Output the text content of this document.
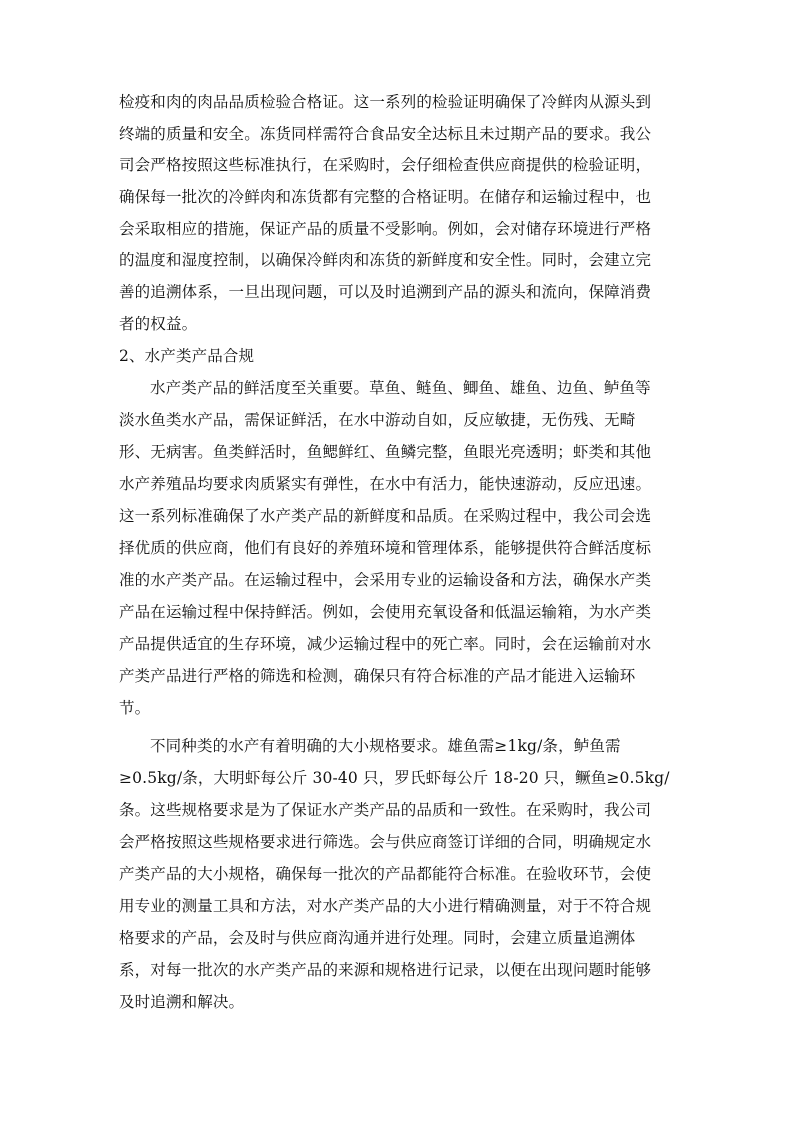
检疫和肉的肉品品质检验合格证。这一系列的检验证明确保了冷鲜肉从源头到
终端的质量和安全。冻货同样需符合食品安全达标且未过期产品的要求。我公
司会严格按照这些标准执行，在采购时，会仔细检查供应商提供的检验证明，
确保每一批次的冷鲜肉和冻货都有完整的合格证明。在储存和运输过程中，也
会采取相应的措施，保证产品的质量不受影响。例如，会对储存环境进行严格
的温度和湿度控制，以确保冷鲜肉和冻货的新鲜度和安全性。同时，会建立完
善的追溯体系，一旦出现问题，可以及时追溯到产品的源头和流向，保障消费
者的权益。
2、水产类产品合规
水产类产品的鲜活度至关重要。草鱼、鲢鱼、鲫鱼、雄鱼、边鱼、鲈鱼等
淡水鱼类水产品，需保证鲜活，在水中游动自如，反应敏捷，无伤残、无畸
形、无病害。鱼类鲜活时，鱼鳃鲜红、鱼鳞完整，鱼眼光亮透明；虾类和其他
水产养殖品均要求肉质紧实有弹性，在水中有活力，能快速游动，反应迅速。
这一系列标准确保了水产类产品的新鲜度和品质。在采购过程中，我公司会选
择优质的供应商，他们有良好的养殖环境和管理体系，能够提供符合鲜活度标
准的水产类产品。在运输过程中，会采用专业的运输设备和方法，确保水产类
产品在运输过程中保持鲜活。例如，会使用充氧设备和低温运输箱，为水产类
产品提供适宜的生存环境，减少运输过程中的死亡率。同时，会在运输前对水
产类产品进行严格的筛选和检测，确保只有符合标准的产品才能进入运输环
节。
不同种类的水产有着明确的大小规格要求。雄鱼需≥1kg/条，鲈鱼需
≥0.5kg/条，大明虾每公斤 30-40 只，罗氏虾每公斤 18-20 只，鳜鱼≥0.5kg/
条。这些规格要求是为了保证水产类产品的品质和一致性。在采购时，我公司
会严格按照这些规格要求进行筛选。会与供应商签订详细的合同，明确规定水
产类产品的大小规格，确保每一批次的产品都能符合标准。在验收环节，会使
用专业的测量工具和方法，对水产类产品的大小进行精确测量，对于不符合规
格要求的产品，会及时与供应商沟通并进行处理。同时，会建立质量追溯体
系，对每一批次的水产类产品的来源和规格进行记录，以便在出现问题时能够
及时追溯和解决。
